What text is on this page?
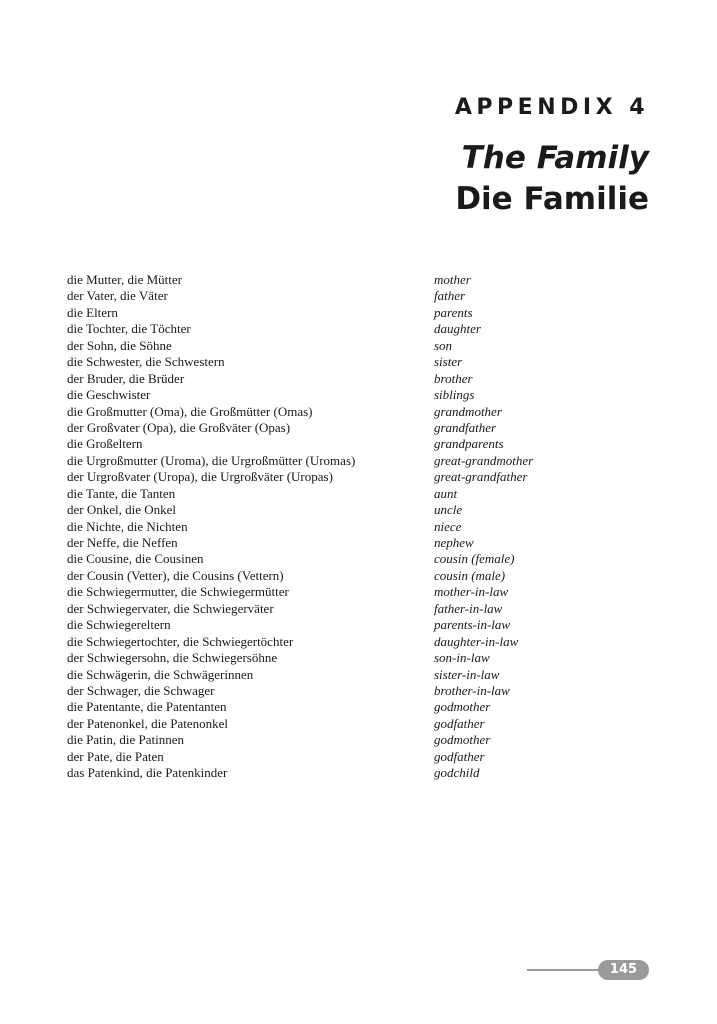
APPENDIX 4
The Family
Die Familie
die Mutter, die Mütter	mother
der Vater, die Väter	father
die Eltern	parents
die Tochter, die Töchter	daughter
der Sohn, die Söhne	son
die Schwester, die Schwestern	sister
der Bruder, die Brüder	brother
die Geschwister	siblings
die Großmutter (Oma), die Großmütter (Omas)	grandmother
der Großvater (Opa), die Großväter (Opas)	grandfather
die Großeltern	grandparents
die Urgroßmutter (Uroma), die Urgroßmütter (Uromas)	great-grandmother
der Urgroßvater (Uropa), die Urgroßväter (Uropas)	great-grandfather
die Tante, die Tanten	aunt
der Onkel, die Onkel	uncle
die Nichte, die Nichten	niece
der Neffe, die Neffen	nephew
die Cousine, die Cousinen	cousin (female)
der Cousin (Vetter), die Cousins (Vettern)	cousin (male)
die Schwiegermutter, die Schwiegermütter	mother-in-law
der Schwiegervater, die Schwiegerväter	father-in-law
die Schwiegereltern	parents-in-law
die Schwiegertochter, die Schwiegertöchter	daughter-in-law
der Schwiegersohn, die Schwiegersöhne	son-in-law
die Schwägerin, die Schwägerinnen	sister-in-law
der Schwager, die Schwager	brother-in-law
die Patentante, die Patentanten	godmother
der Patenonkel, die Patenonkel	godfather
die Patin, die Patinnen	godmother
der Pate, die Paten	godfather
das Patenkind, die Patenkinder	godchild
145
